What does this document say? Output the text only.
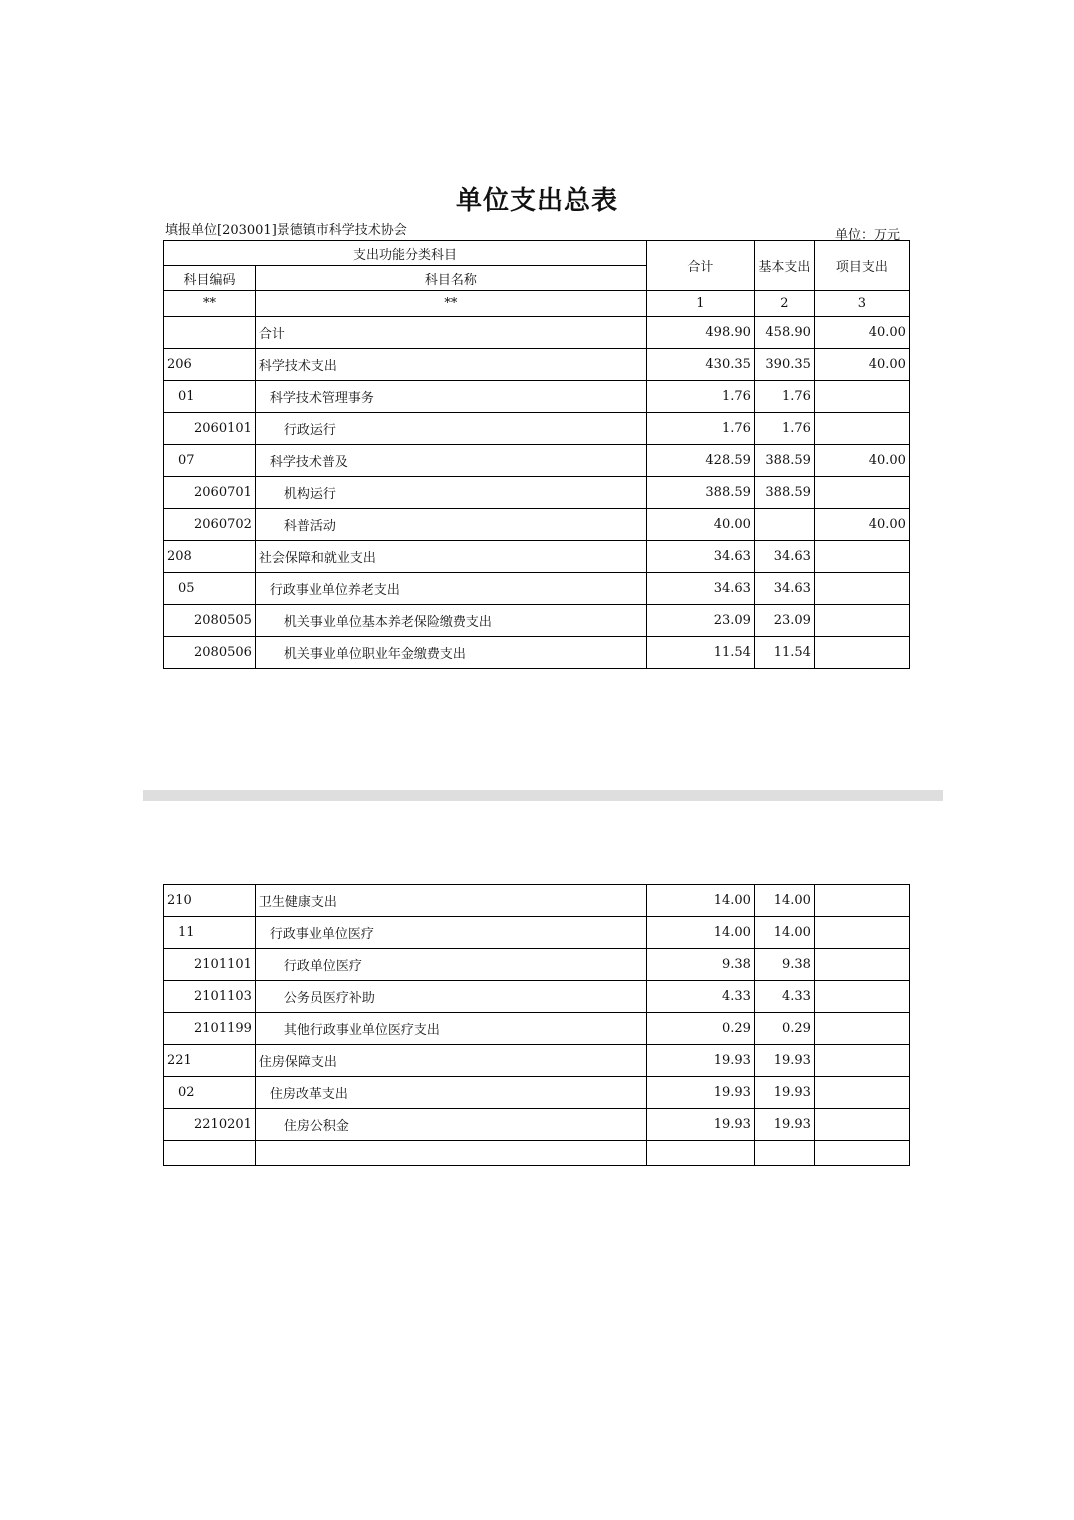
单位支出总表
填报单位[203001]景德镇市科学技术协会	单位：万元
支出功能分类科目		合计	基本支出	项目支出
科目编码	科目名称			
**	**	1	2	3
	合计	498.90	458.90	40.00
206	科学技术支出	430.35	390.35	40.00
01	科学技术管理事务	1.76	1.76	
2060101	行政运行	1.76	1.76	
07	科学技术普及	428.59	388.59	40.00
2060701	机构运行	388.59	388.59	
2060702	科普活动	40.00		40.00
208	社会保障和就业支出	34.63	34.63	
05	行政事业单位养老支出	34.63	34.63	
2080505	机关事业单位基本养老保险缴费支出	23.09	23.09	
2080506	机关事业单位职业年金缴费支出	11.54	11.54	
210	卫生健康支出	14.00	14.00	
11	行政事业单位医疗	14.00	14.00	
2101101	行政单位医疗	9.38	9.38	
2101103	公务员医疗补助	4.33	4.33	
2101199	其他行政事业单位医疗支出	0.29	0.29	
221	住房保障支出	19.93	19.93	
02	住房改革支出	19.93	19.93	
2210201	住房公积金	19.93	19.93	
